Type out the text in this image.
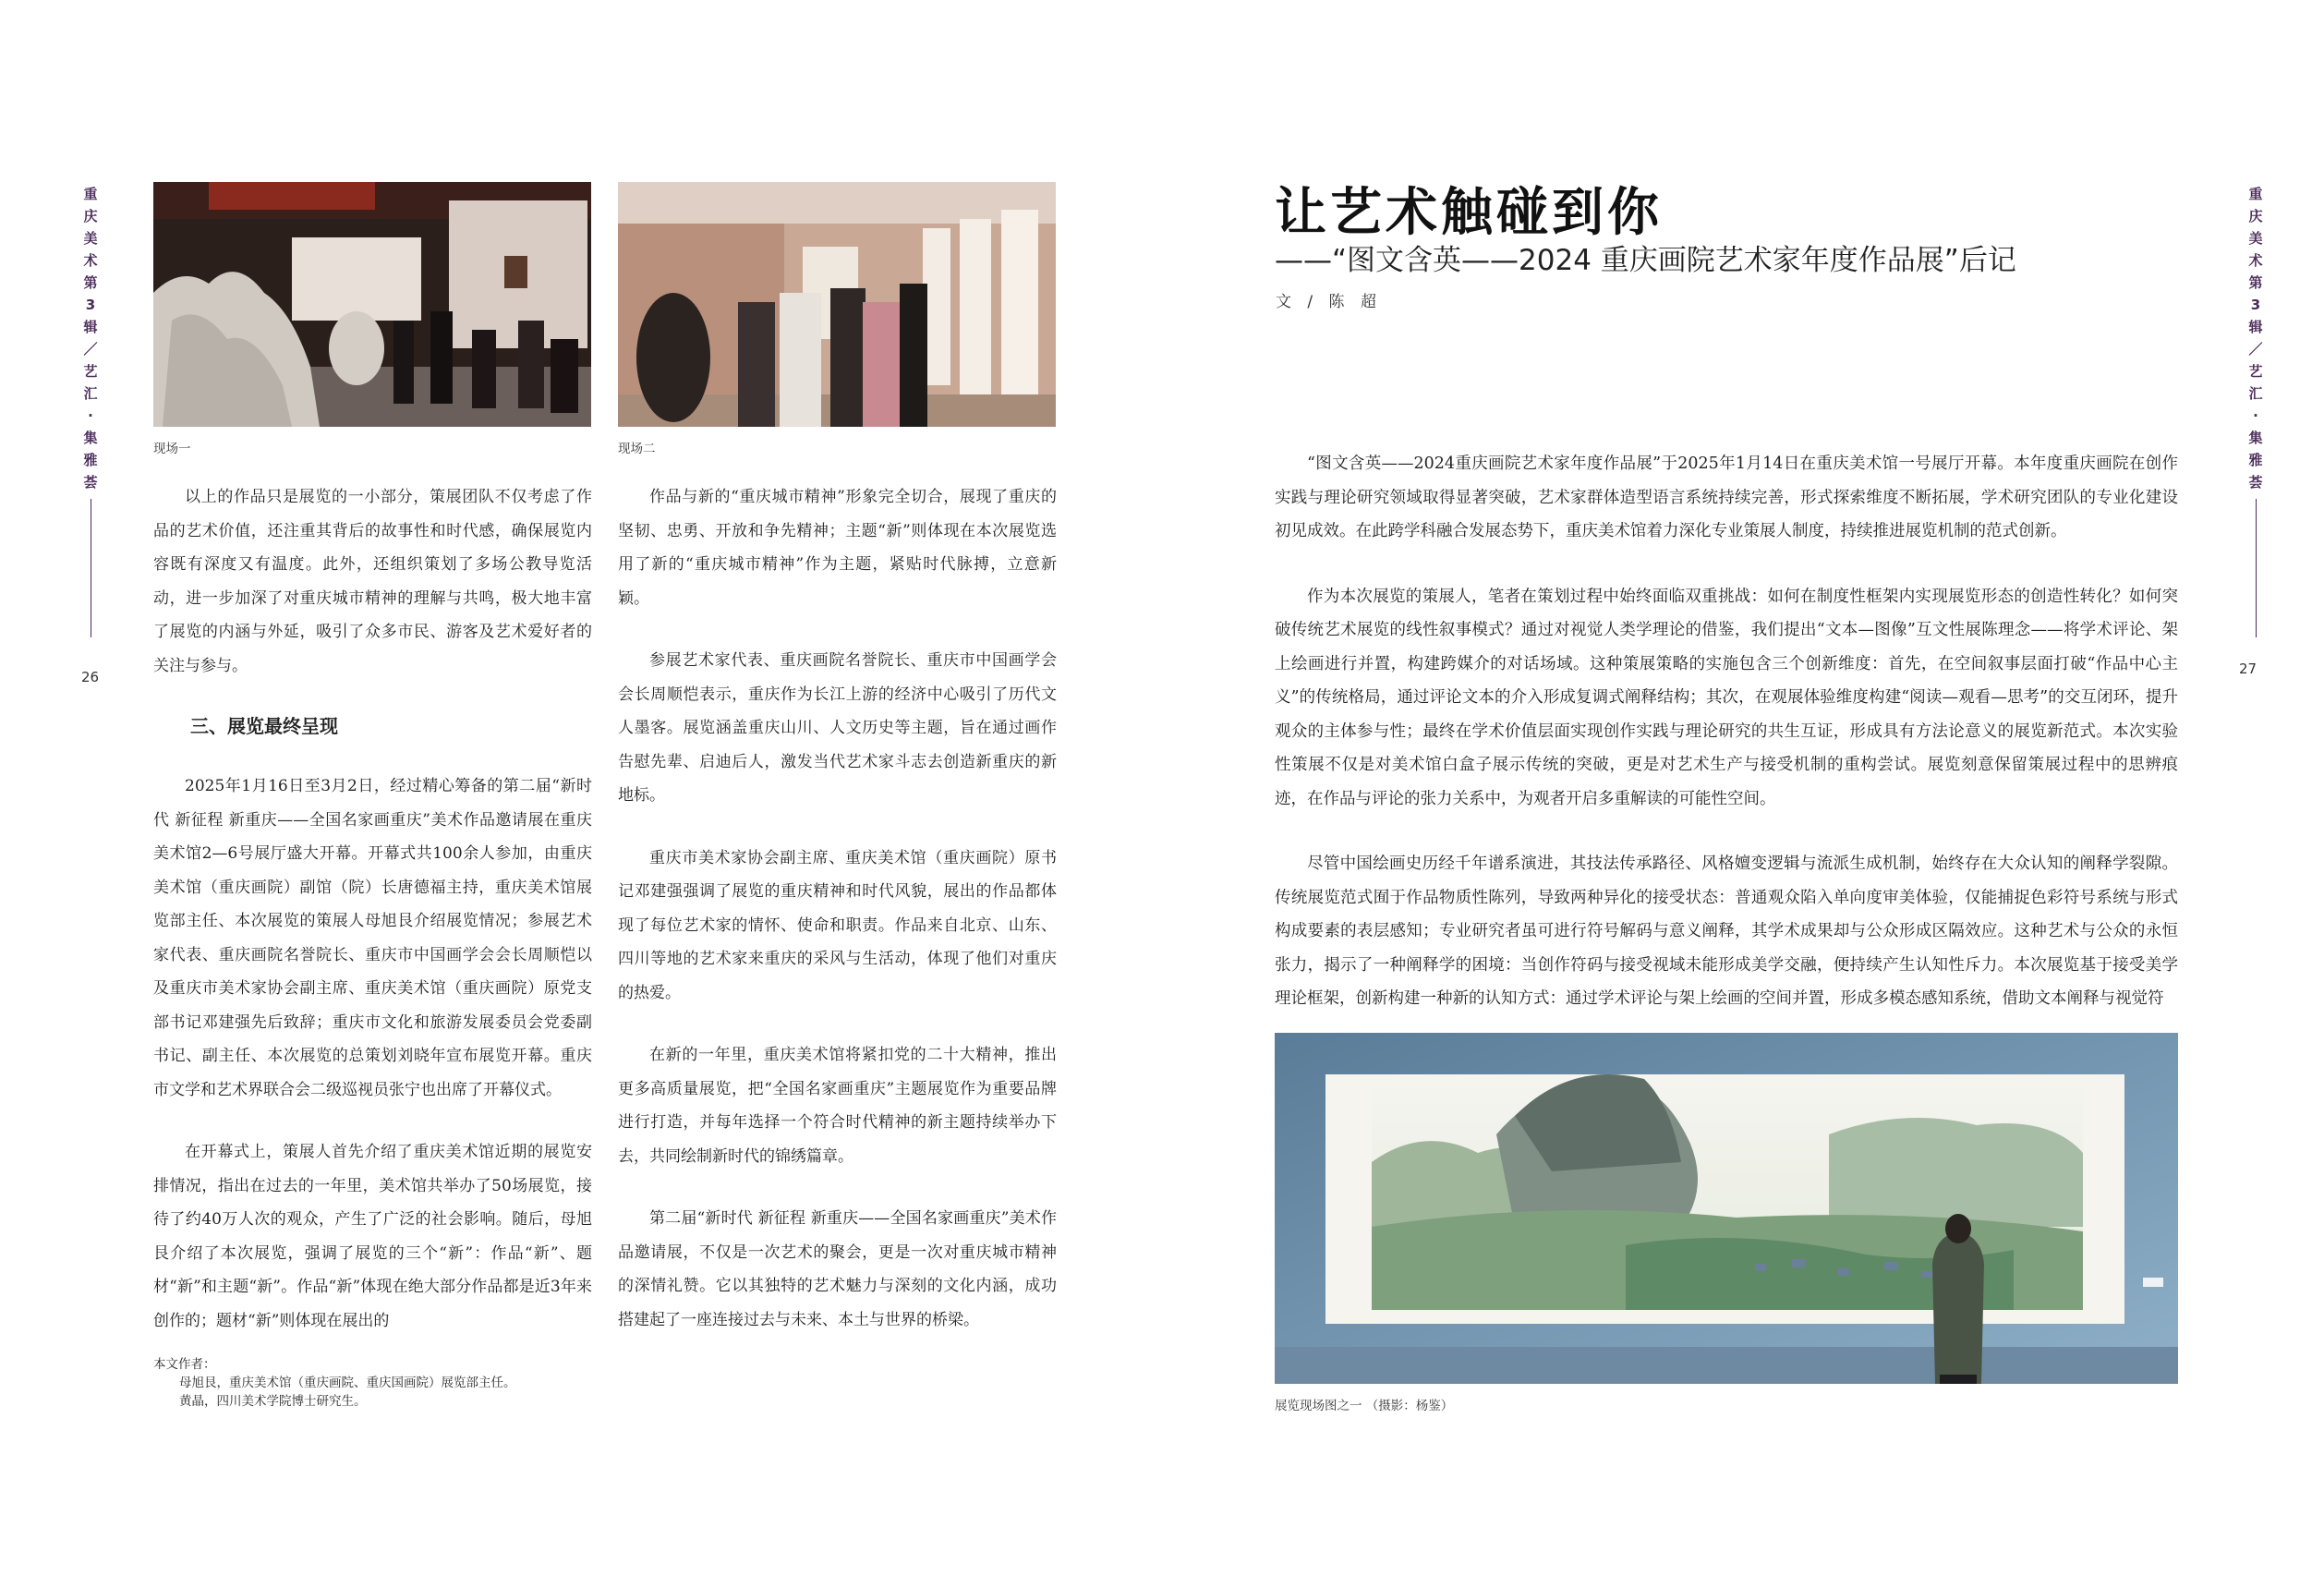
重
庆
美
术
第
3
辑
／
艺
汇
·
集
雅
荟
26
重
庆
美
术
第
3
辑
／
艺
汇
·
集
雅
荟
27
现场一	现场二

以上的作品只是展览的一小部分，策展团队不仅考虑了作品的艺术价值，还注重其背后的故事性和时代感，确保展览内容既有深度又有温度。此外，还组织策划了多场公教导览活动，进一步加深了对重庆城市精神的理解与共鸣，极大地丰富了展览的内涵与外延，吸引了众多市民、游客及艺术爱好者的关注与参与。

三、展览最终呈现

2025年1月16日至3月2日，经过精心筹备的第二届“新时代 新征程 新重庆——全国名家画重庆”美术作品邀请展在重庆美术馆2—6号展厅盛大开幕。开幕式共100余人参加，由重庆美术馆（重庆画院）副馆（院）长唐德福主持，重庆美术馆展览部主任、本次展览的策展人母旭艮介绍展览情况；参展艺术家代表、重庆画院名誉院长、重庆市中国画学会会长周顺恺以及重庆市美术家协会副主席、重庆美术馆（重庆画院）原党支部书记邓建强先后致辞；重庆市文化和旅游发展委员会党委副书记、副主任、本次展览的总策划刘晓年宣布展览开幕。重庆市文学和艺术界联合会二级巡视员张宁也出席了开幕仪式。

在开幕式上，策展人首先介绍了重庆美术馆近期的展览安排情况，指出在过去的一年里，美术馆共举办了50场展览，接待了约40万人次的观众，产生了广泛的社会影响。随后，母旭艮介绍了本次展览，强调了展览的三个“新”：作品“新”、题材“新”和主题“新”。作品“新”体现在绝大部分作品都是近3年来创作的；题材“新”则体现在展出的

作品与新的“重庆城市精神”形象完全切合，展现了重庆的坚韧、忠勇、开放和争先精神；主题“新”则体现在本次展览选用了新的“重庆城市精神”作为主题，紧贴时代脉搏，立意新颖。

参展艺术家代表、重庆画院名誉院长、重庆市中国画学会会长周顺恺表示，重庆作为长江上游的经济中心吸引了历代文人墨客。展览涵盖重庆山川、人文历史等主题，旨在通过画作告慰先辈、启迪后人，激发当代艺术家斗志去创造新重庆的新地标。

重庆市美术家协会副主席、重庆美术馆（重庆画院）原书记邓建强强调了展览的重庆精神和时代风貌，展出的作品都体现了每位艺术家的情怀、使命和职责。作品来自北京、山东、四川等地的艺术家来重庆的采风与生活动，体现了他们对重庆的热爱。

在新的一年里，重庆美术馆将紧扣党的二十大精神，推出更多高质量展览，把“全国名家画重庆”主题展览作为重要品牌进行打造，并每年选择一个符合时代精神的新主题持续举办下去，共同绘制新时代的锦绣篇章。

第二届“新时代 新征程 新重庆——全国名家画重庆”美术作品邀请展，不仅是一次艺术的聚会，更是一次对重庆城市精神的深情礼赞。它以其独特的艺术魅力与深刻的文化内涵，成功搭建起了一座连接过去与未来、本土与世界的桥梁。

本文作者：
母旭艮，重庆美术馆（重庆画院、重庆国画院）展览部主任。
黄晶，四川美术学院博士研究生。
让艺术触碰到你
——“图文含英——2024 重庆画院艺术家年度作品展”后记
文 / 陈 超

“图文含英——2024重庆画院艺术家年度作品展”于2025年1月14日在重庆美术馆一号展厅开幕。本年度重庆画院在创作实践与理论研究领域取得显著突破，艺术家群体造型语言系统持续完善，形式探索维度不断拓展，学术研究团队的专业化建设初见成效。在此跨学科融合发展态势下，重庆美术馆着力深化专业策展人制度，持续推进展览机制的范式创新。

作为本次展览的策展人，笔者在策划过程中始终面临双重挑战：如何在制度性框架内实现展览形态的创造性转化？如何突破传统艺术展览的线性叙事模式？通过对视觉人类学理论的借鉴，我们提出“文本—图像”互文性展陈理念——将学术评论、架上绘画进行并置，构建跨媒介的对话场域。这种策展策略的实施包含三个创新维度：首先，在空间叙事层面打破“作品中心主义”的传统格局，通过评论文本的介入形成复调式阐释结构；其次，在观展体验维度构建“阅读—观看—思考”的交互闭环，提升观众的主体参与性；最终在学术价值层面实现创作实践与理论研究的共生互证，形成具有方法论意义的展览新范式。本次实验性策展不仅是对美术馆白盒子展示传统的突破，更是对艺术生产与接受机制的重构尝试。展览刻意保留策展过程中的思辨痕迹，在作品与评论的张力关系中，为观者开启多重解读的可能性空间。

尽管中国绘画史历经千年谱系演进，其技法传承路径、风格嬗变逻辑与流派生成机制，始终存在大众认知的阐释学裂隙。传统展览范式囿于作品物质性陈列，导致两种异化的接受状态：普通观众陷入单向度审美体验，仅能捕捉色彩符号系统与形式构成要素的表层感知；专业研究者虽可进行符号解码与意义阐释，其学术成果却与公众形成区隔效应。这种艺术与公众的永恒张力，揭示了一种阐释学的困境：当创作符码与接受视域未能形成美学交融，便持续产生认知性斥力。本次展览基于接受美学理论框架，创新构建一种新的认知方式：通过学术评论与架上绘画的空间并置，形成多模态感知系统，借助文本阐释与视觉符

展览现场图之一 （摄影：杨鉴）
